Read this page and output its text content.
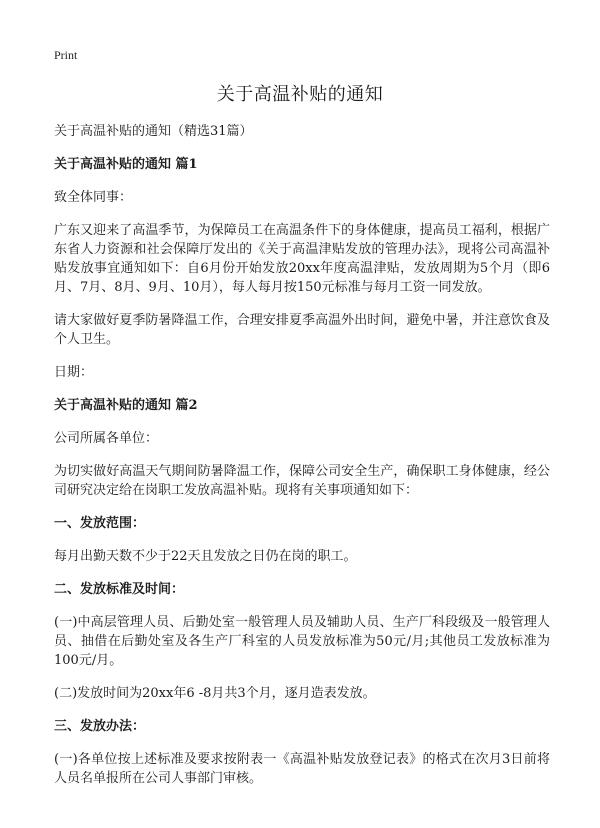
Print
关于高温补贴的通知

关于高温补贴的通知（精选31篇）

关于高温补贴的通知 篇1

致全体同事：

广东又迎来了高温季节，为保障员工在高温条件下的身体健康，提高员工福利，根据广东省人力资源和社会保障厅发出的《关于高温津贴发放的管理办法》，现将公司高温补贴发放事宜通知如下：自6月份开始发放20xx年度高温津贴，发放周期为5个月（即6月、7月、8月、9月、10月），每人每月按150元标准与每月工资一同发放。

请大家做好夏季防暑降温工作，合理安排夏季高温外出时间，避免中暑，并注意饮食及个人卫生。

日期：

关于高温补贴的通知 篇2

公司所属各单位：

为切实做好高温天气期间防暑降温工作，保障公司安全生产，确保职工身体健康，经公司研究决定给在岗职工发放高温补贴。现将有关事项通知如下：

一、发放范围：

每月出勤天数不少于22天且发放之日仍在岗的职工。

二、发放标准及时间：

(一)中高层管理人员、后勤处室一般管理人员及辅助人员、生产厂科段级及一般管理人员、抽借在后勤处室及各生产厂科室的人员发放标准为50元/月;其他员工发放标准为100元/月。

(二)发放时间为20xx年6 -8月共3个月，逐月造表发放。

三、发放办法：

(一)各单位按上述标准及要求按附表一《高温补贴发放登记表》的格式在次月3日前将人员名单报所在公司人事部门审核。
